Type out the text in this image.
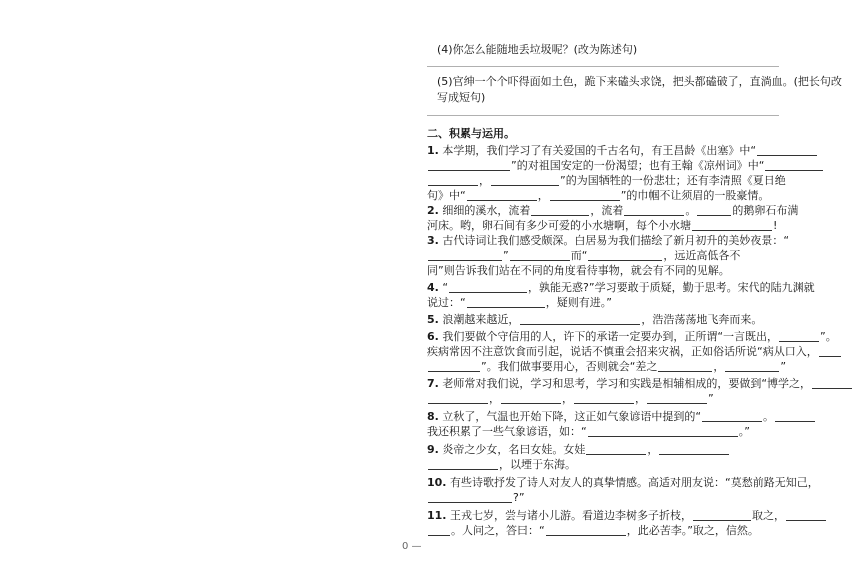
(4)你怎么能随地丢垃圾呢？(改为陈述句)
(5)官绅一个个吓得面如土色，跪下来磕头求饶，把头都磕破了，直淌血。(把长句改
写成短句)
二、积累与运用。
1. 本学期，我们学习了有关爱国的千古名句，有王昌龄《出塞》中“
”的对祖国安定的一份渴望；也有王翰《凉州词》中“
，	”的为国牺牲的一份悲壮；还有李清照《夏日绝
句》中“	，	”的巾帼不让须眉的一股豪情。
2. 细细的溪水，流着	，流着	。	的鹅卵石布满
河床。哟，卵石间有多少可爱的小水塘啊，每个小水塘	!
3. 古代诗词让我们感受颇深。白居易为我们描绘了新月初升的美妙夜景：“
”	而“	，远近高低各不
同”则告诉我们站在不同的角度看待事物，就会有不同的见解。
4. “	，孰能无惑?”学习要敢于质疑，勤于思考。宋代的陆九渊就
说过：“	，疑则有进。”
5. 浪潮越来越近，	，浩浩荡荡地飞奔而来。
6. 我们要做个守信用的人，许下的承诺一定要办到，正所谓“一言既出，	”。
疾病常因不注意饮食而引起，说话不慎重会招来灾祸，正如俗话所说“病从口入，
”。我们做事要用心，否则就会“差之	，	”
7. 老师常对我们说，学习和思考，学习和实践是相辅相成的，要做到“博学之，
，	，	，	”
8. 立秋了，气温也开始下降，这正如气象谚语中提到的“	。
我还积累了一些气象谚语，如：“	。”
9. 炎帝之少女，名曰女娃。女娃	，
，以堙于东海。
10. 有些诗歌抒发了诗人对友人的真挚情感。高适对朋友说：“莫愁前路无知己，
?”
11. 王戎七岁，尝与诸小儿游。看道边李树多子折枝，	取之，
。人问之，答曰：“	，此必苦李。”取之，信然。
0 —
